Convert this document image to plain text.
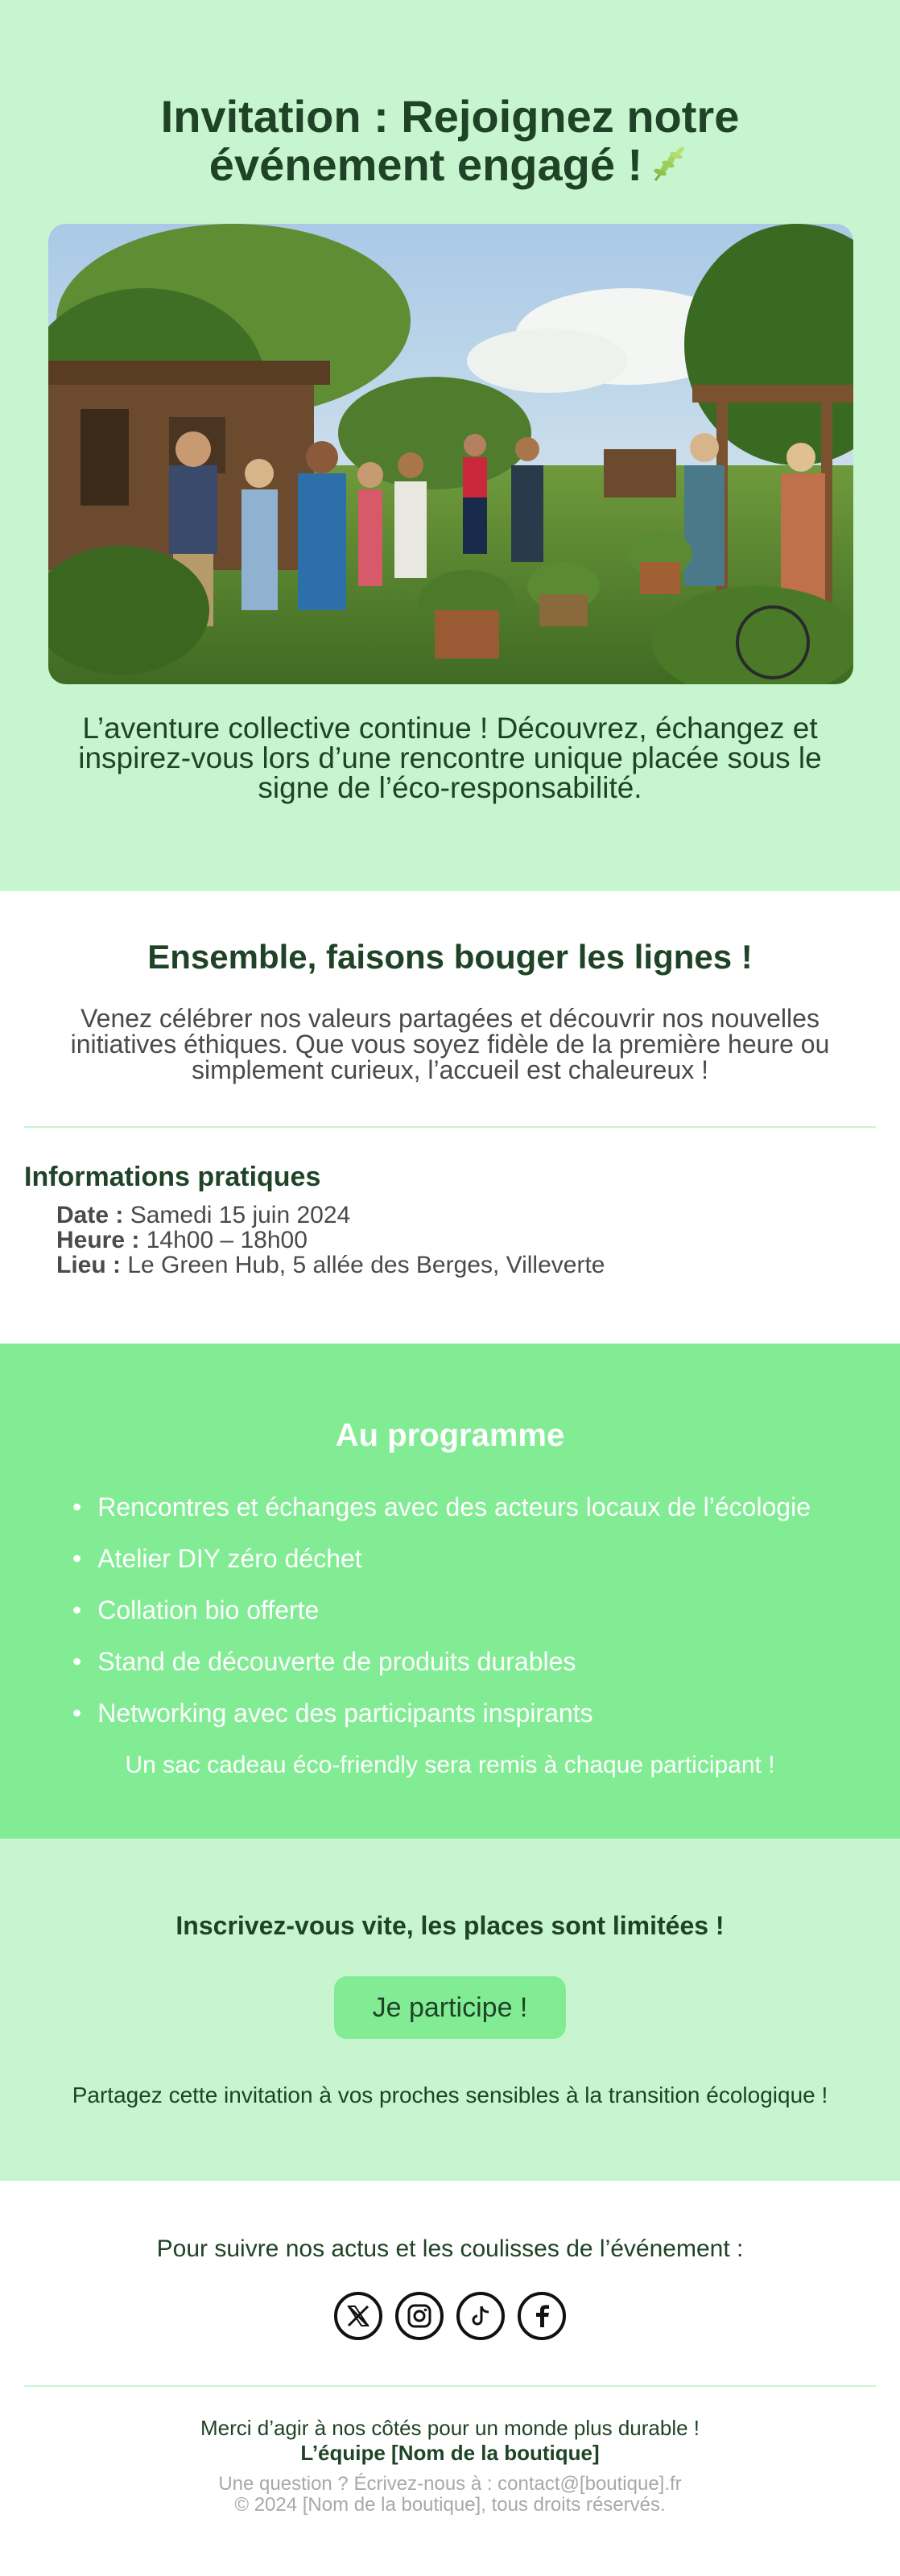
Invitation : Rejoignez notre événement engagé !

L’aventure collective continue ! Découvrez, échangez et inspirez-vous lors d’une rencontre unique placée sous le signe de l’éco-responsabilité.

Ensemble, faisons bouger les lignes !

Venez célébrer nos valeurs partagées et découvrir nos nouvelles initiatives éthiques. Que vous soyez fidèle de la première heure ou simplement curieux, l’accueil est chaleureux !

Informations pratiques
Date : Samedi 15 juin 2024
Heure : 14h00 – 18h00
Lieu : Le Green Hub, 5 allée des Berges, Villeverte
Au programme
• Rencontres et échanges avec des acteurs locaux de l’écologie
• Atelier DIY zéro déchet
• Collation bio offerte
• Stand de découverte de produits durables
• Networking avec des participants inspirants

Un sac cadeau éco-friendly sera remis à chaque participant !

Inscrivez-vous vite, les places sont limitées !
Je participe !

Partagez cette invitation à vos proches sensibles à la transition écologique !

Pour suivre nos actus et les coulisses de l’événement :

Merci d’agir à nos côtés pour un monde plus durable !

L’équipe [Nom de la boutique]

Une question ? Écrivez-nous à : contact@[boutique].fr

© 2024 [Nom de la boutique], tous droits réservés.
